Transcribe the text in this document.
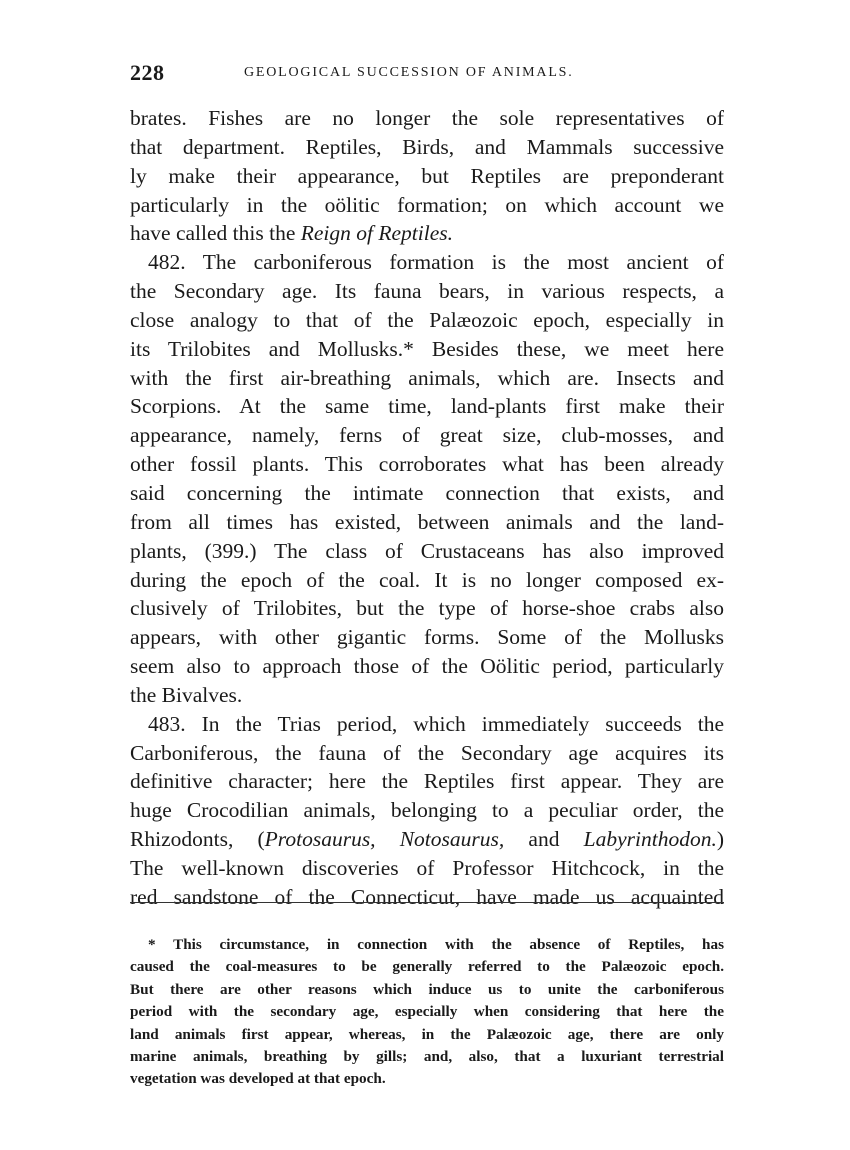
228	GEOLOGICAL SUCCESSION OF ANIMALS.
brates. Fishes are no longer the sole representatives of
that department. Reptiles, Birds, and Mammals successive
ly make their appearance, but Reptiles are preponderant
particularly in the oölitic formation; on which account we
have called this the Reign of Reptiles.
482. The carboniferous formation is the most ancient of
the Secondary age. Its fauna bears, in various respects, a
close analogy to that of the Palæozoic epoch, especially in
its Trilobites and Mollusks.* Besides these, we meet here
with the first air-breathing animals, which are. Insects and
Scorpions. At the same time, land-plants first make their
appearance, namely, ferns of great size, club-mosses, and
other fossil plants. This corroborates what has been already
said concerning the intimate connection that exists, and
from all times has existed, between animals and the land-
plants, (399.) The class of Crustaceans has also improved
during the epoch of the coal. It is no longer composed ex-
clusively of Trilobites, but the type of horse-shoe crabs also
appears, with other gigantic forms. Some of the Mollusks
seem also to approach those of the Oölitic period, particularly
the Bivalves.
483. In the Trias period, which immediately succeeds the
Carboniferous, the fauna of the Secondary age acquires its
definitive character; here the Reptiles first appear. They are
huge Crocodilian animals, belonging to a peculiar order, the
Rhizodonts, (Protosaurus, Notosaurus, and Labyrinthodon.)
The well-known discoveries of Professor Hitchcock, in the
red sandstone of the Connecticut, have made us acquainted
* This circumstance, in connection with the absence of Reptiles, has
caused the coal-measures to be generally referred to the Palæozoic epoch.
But there are other reasons which induce us to unite the carboniferous
period with the secondary age, especially when considering that here the
land animals first appear, whereas, in the Palæozoic age, there are only
marine animals, breathing by gills; and, also, that a luxuriant terrestrial
vegetation was developed at that epoch.
